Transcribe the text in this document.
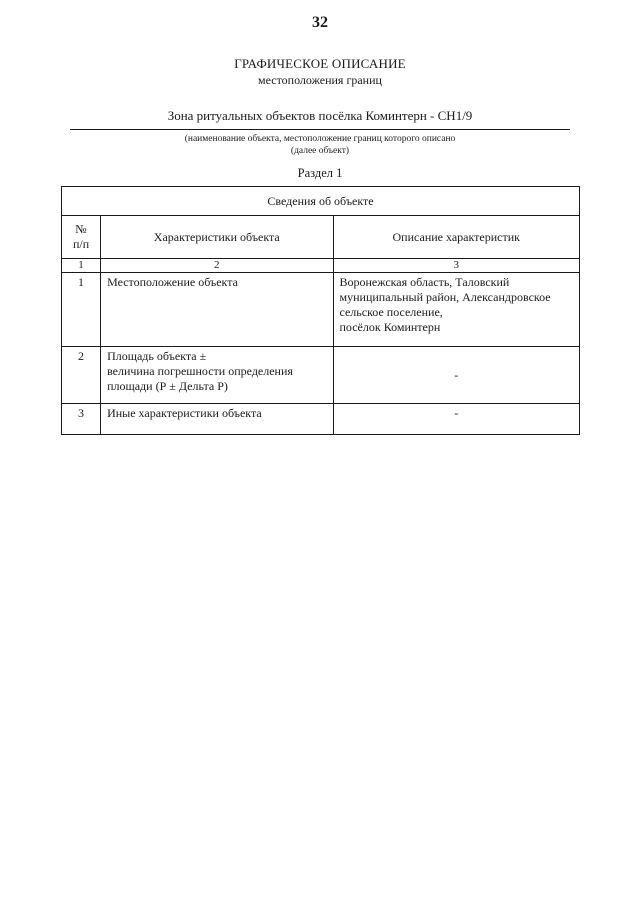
32
ГРАФИЧЕСКОЕ ОПИСАНИЕ
местоположения границ
Зона ритуальных объектов посёлка Коминтерн - СН1/9
(наименование объекта, местоположение границ которого описано
(далее объект)
Раздел 1
Сведения об объекте		

№
п/п	Характеристики объекта	Описание характеристик
1	2	3
1	Местоположение объекта	Воронежская область, Таловский
муниципальный район, Александровское
сельское поселение,
посёлок Коминтерн

2	Площадь объекта ±
величина погрешности определения
площади (Р ± Дельта Р)	-
3	Иные характеристики объекта	-
